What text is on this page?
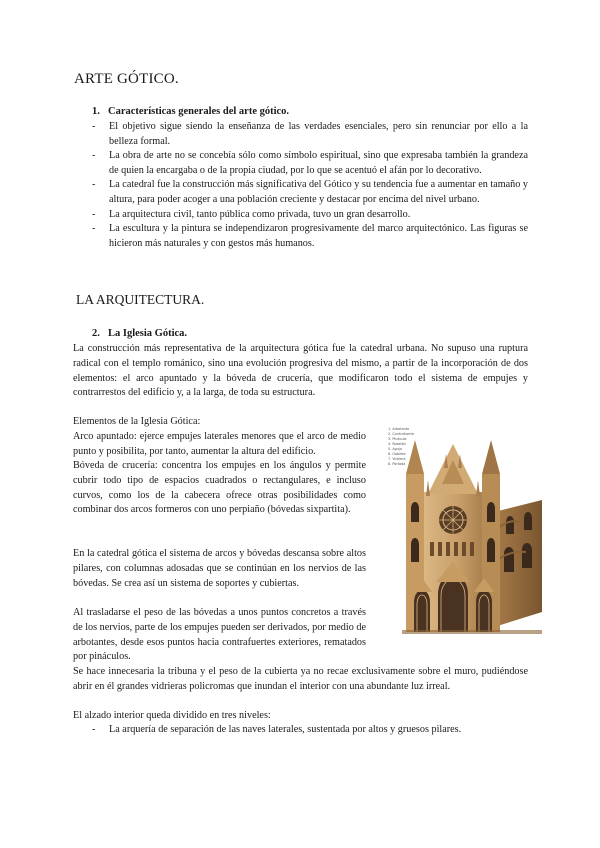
ARTE GÓTICO.
1. Características generales del arte gótico.
- El objetivo sigue siendo la enseñanza de las verdades esenciales, pero sin renunciar por ello a la belleza formal.
- La obra de arte no se concebía sólo como símbolo espiritual, sino que expresaba también la grandeza de quien la encargaba o de la propia ciudad, por lo que se acentuó el afán por lo decorativo.
- La catedral fue la construcción más significativa del Gótico y su tendencia fue a aumentar en tamaño y altura, para poder acoger a una población creciente y destacar por encima del nivel urbano.
- La arquitectura civil, tanto pública como privada, tuvo un gran desarrollo.
- La escultura y la pintura se independizaron progresivamente del marco arquitectónico. Las figuras se hicieron más naturales y con gestos más humanos.
LA ARQUITECTURA.
2. La Iglesia Gótica.

La construcción más representativa de la arquitectura gótica fue la catedral urbana. No supuso una ruptura radical con el templo románico, sino una evolución progresiva del mismo, a partir de la incorporación de dos elementos: el arco apuntado y la bóveda de crucería, que modificaron todo el sistema de empujes y contrarrestos del edificio y, a la larga, de toda su estructura.

Elementos de la Iglesia Gótica:

Arco apuntado: ejerce empujes laterales menores que el arco de medio punto y posibilita, por tanto, aumentar la altura del edificio.

Bóveda de crucería: concentra los empujes en los ángulos y permite cubrir todo tipo de espacios cuadrados o rectangulares, e incluso curvos, como los de la cabecera ofrece otras posibilidades como combinar dos arcos formeros con uno perpiaño (bóvedas sixpartita).

En la catedral gótica el sistema de arcos y bóvedas descansa sobre altos pilares, con columnas adosadas que se continúan en los nervios de las bóvedas. Se crea así un sistema de soportes y cubiertas.

Al trasladarse el peso de las bóvedas a unos puntos concretos a través de los nervios, parte de los empujes pueden ser derivados, por medio de arbotantes, desde esos puntos hacia contrafuertes exteriores, rematados por pináculos.

Se hace innecesaria la tribuna y el peso de la cubierta ya no recae exclusivamente sobre el muro, pudiéndose abrir en él grandes vidrieras policromas que inundan el interior con una abundante luz irreal.

El alzado interior queda dividido en tres niveles:

- La arquería de separación de las naves laterales, sustentada por altos y gruesos pilares.
1. Arbotante
2. Contrafuerte
3. Pináculo
4. Rosetón
5. Aguja
6. Gablete
7. Vidriera
8. Portada
